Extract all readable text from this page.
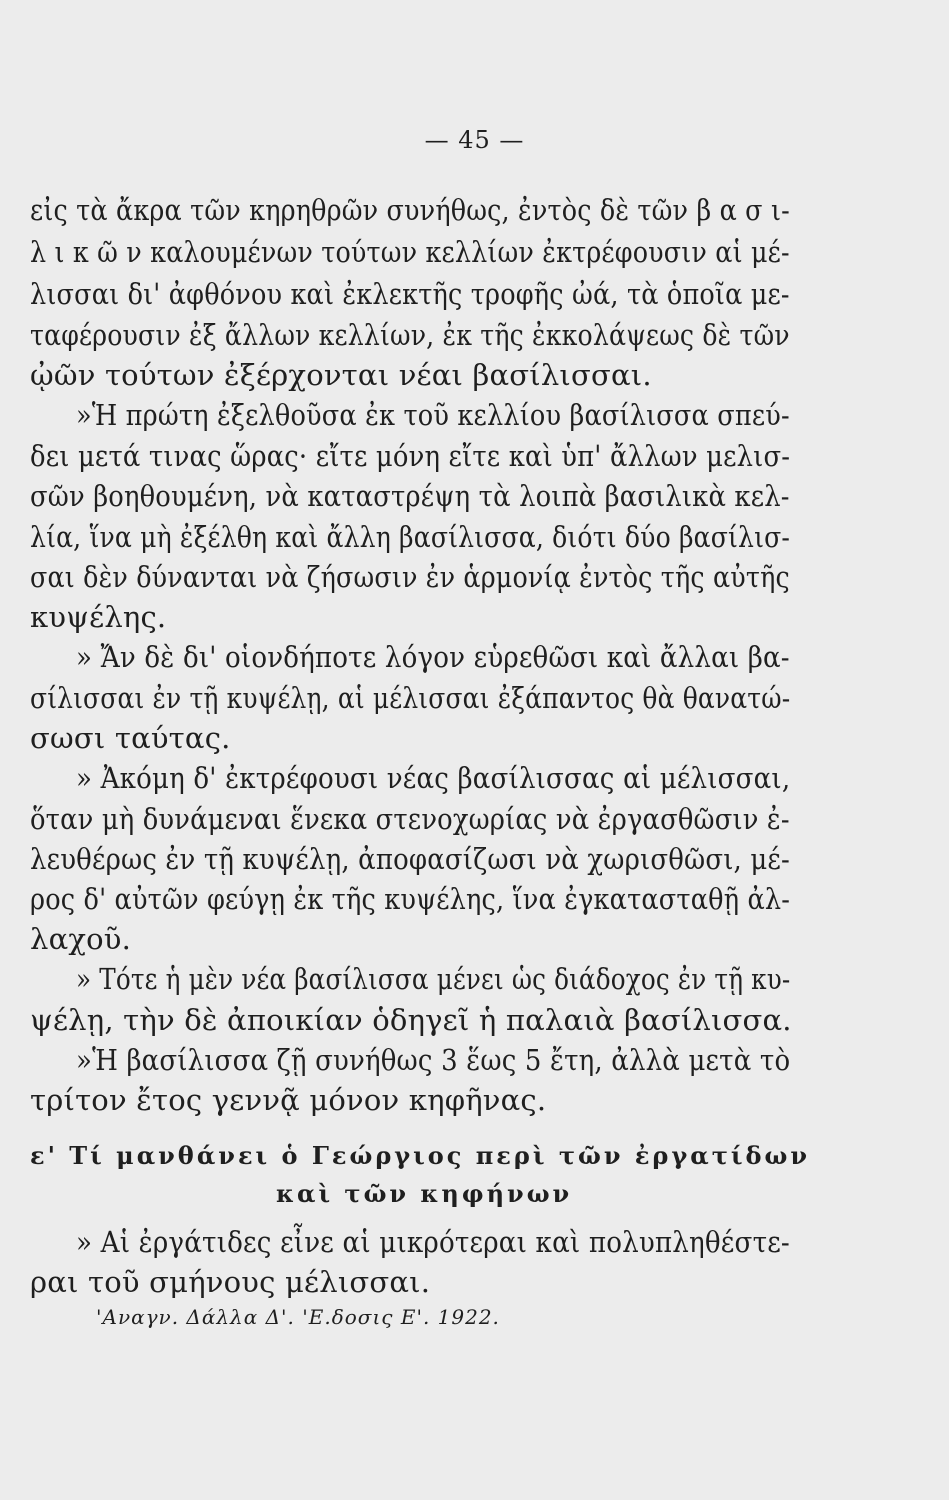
— 45 —
εἰς τὰ ἄκρα τῶν κηρηθρῶν συνήθως, ἐντὸς δὲ τῶν β α σ ι-
λ ι κ ῶ ν καλουμένων τούτων κελλίων ἐκτρέφουσιν αἱ μέ-
λισσαι δι' ἀφθόνου καὶ ἐκλεκτῆς τροφῆς ὠά, τὰ ὁποῖα με-
ταφέρουσιν ἐξ ἄλλων κελλίων, ἐκ τῆς ἐκκολάψεως δὲ τῶν
ᾠῶν τούτων ἐξέρχονται νέαι βασίλισσαι.
»Ἡ πρώτη ἐξελθοῦσα ἐκ τοῦ κελλίου βασίλισσα σπεύ-
δει μετά τινας ὥρας· εἴτε μόνη εἴτε καὶ ὑπ' ἄλλων μελισ-
σῶν βοηθουμένη, νὰ καταστρέψη τὰ λοιπὰ βασιλικὰ κελ-
λία, ἵνα μὴ ἐξέλθη καὶ ἄλλη βασίλισσα, διότι δύο βασίλισ-
σαι δὲν δύνανται νὰ ζήσωσιν ἐν ἁρμονίᾳ ἐντὸς τῆς αὐτῆς
κυψέλης.
» Ἄν δὲ δι' οἱονδήποτε λόγον εὑρεθῶσι καὶ ἄλλαι βα-
σίλισσαι ἐν τῇ κυψέλῃ, αἱ μέλισσαι ἐξάπαντος θὰ θανατώ-
σωσι ταύτας.
» Ἀκόμη δ' ἐκτρέφουσι νέας βασίλισσας αἱ μέλισσαι,
ὅταν μὴ δυνάμεναι ἕνεκα στενοχωρίας νὰ ἐργασθῶσιν ἐ-
λευθέρως ἐν τῇ κυψέλῃ, ἀποφασίζωσι νὰ χωρισθῶσι, μέ-
ρος δ' αὐτῶν φεύγῃ ἐκ τῆς κυψέλης, ἵνα ἐγκατασταθῇ ἀλ-
λαχοῦ.
» Τότε ἡ μὲν νέα βασίλισσα μένει ὡς διάδοχος ἐν τῇ κυ-
ψέλῃ, τὴν δὲ ἀποικίαν ὁδηγεῖ ἡ παλαιὰ βασίλισσα.
»Ἡ βασίλισσα ζῇ συνήθως 3 ἕως 5 ἔτη, ἀλλὰ μετὰ τὸ
τρίτον ἔτος γεννᾷ μόνον κηφῆνας.
ε' Τί μανθάνει ὁ Γεώργιος περὶ τῶν ἐργατίδων
καὶ τῶν κηφήνων
» Αἱ ἐργάτιδες εἶνε αἱ μικρότεραι καὶ πολυπληθέστε-
ραι τοῦ σμήνους μέλισσαι.
'Αναγν. Δάλλα Δ'. 'Ε.δοσις Ε'. 1922.
